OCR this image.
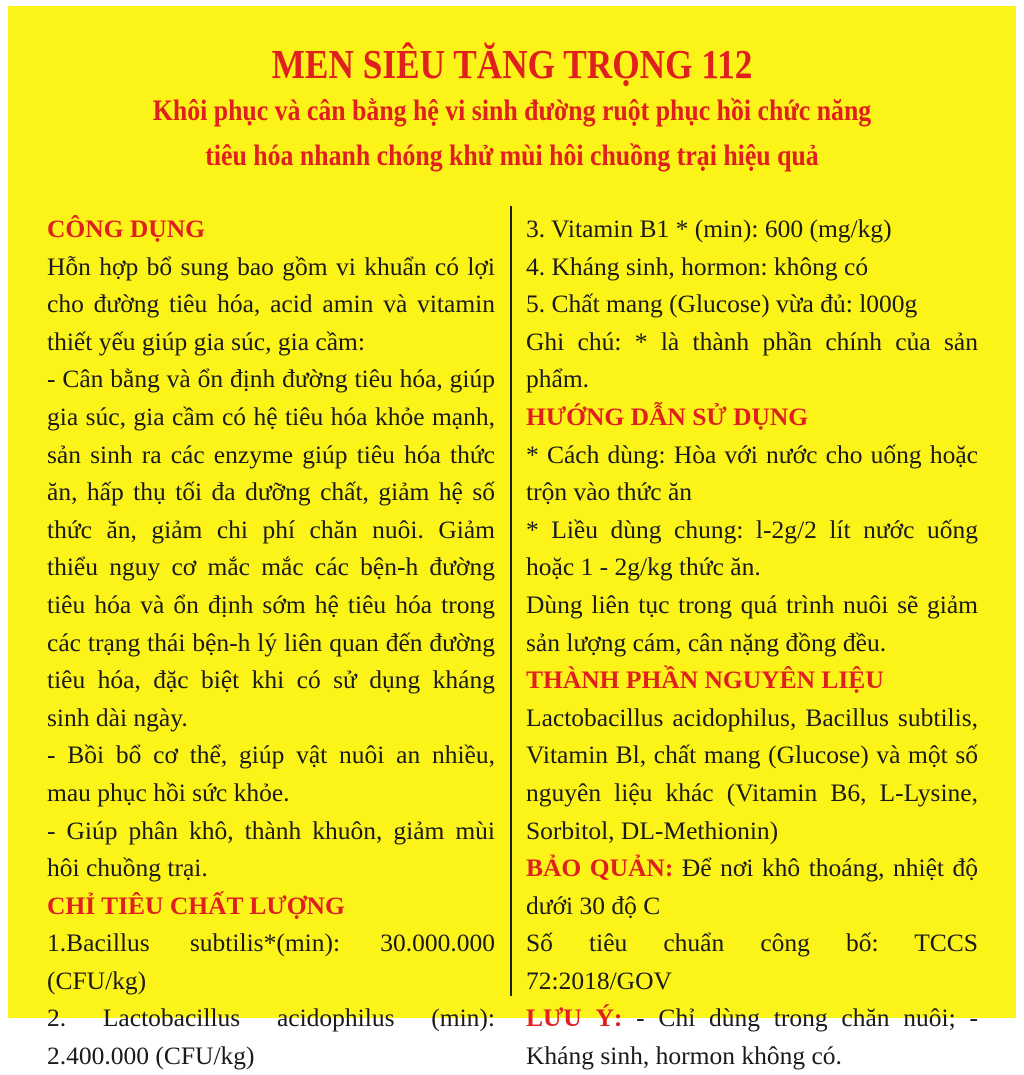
MEN SIÊU TĂNG TRỌNG 112
Khôi phục và cân bằng hệ vi sinh đường ruột phục hồi chức năng
tiêu hóa nhanh chóng khử mùi hôi chuồng trại hiệu quả

CÔNG DỤNG

Hỗn hợp bổ sung bao gồm vi khuẩn có lợi cho đường tiêu hóa, acid amin và vitamin thiết yếu giúp gia súc, gia cầm:

- Cân bằng và ổn định đường tiêu hóa, giúp gia súc, gia cầm có hệ tiêu hóa khỏe mạnh, sản sinh ra các enzyme giúp tiêu hóa thức ăn, hấp thụ tối đa dưỡng chất, giảm hệ số thức ăn, giảm chi phí chăn nuôi. Giảm thiểu nguy cơ mắc mắc các bện-h đường tiêu hóa và ổn định sớm hệ tiêu hóa trong các trạng thái bện-h lý liên quan đến đường tiêu hóa, đặc biệt khi có sử dụng kháng sinh dài ngày.

- Bồi bổ cơ thể, giúp vật nuôi an nhiều, mau phục hồi sức khỏe.

- Giúp phân khô, thành khuôn, giảm mùi hôi chuồng trại.

CHỈ TIÊU CHẤT LƯỢNG

1.Bacillus subtilis*(min): 30.000.000 (CFU/kg)

2. Lactobacillus acidophilus (min): 2.400.000 (CFU/kg)

3. Vitamin B1 * (min): 600 (mg/kg)

4. Kháng sinh, hormon: không có

5. Chất mang (Glucose) vừa đủ: l000g

Ghi chú: * là thành phần chính của sản phẩm.

HƯỚNG DẪN SỬ DỤNG

* Cách dùng: Hòa với nước cho uống hoặc trộn vào thức ăn

* Liều dùng chung: l-2g/2 lít nước uống hoặc 1 - 2g/kg thức ăn.

Dùng liên tục trong quá trình nuôi sẽ giảm sản lượng cám, cân nặng đồng đều.

THÀNH PHẦN NGUYÊN LIỆU

Lactobacillus acidophilus, Bacillus subtilis, Vitamin Bl, chất mang (Glucose) và một số nguyên liệu khác (Vitamin B6, L-Lysine, Sorbitol, DL-Methionin)

BẢO QUẢN: Để nơi khô thoáng, nhiệt độ dưới 30 độ C

Số tiêu chuẩn công bố: TCCS 72:2018/GOV

LƯU Ý: - Chỉ dùng trong chăn nuôi; - Kháng sinh, hormon không có.
